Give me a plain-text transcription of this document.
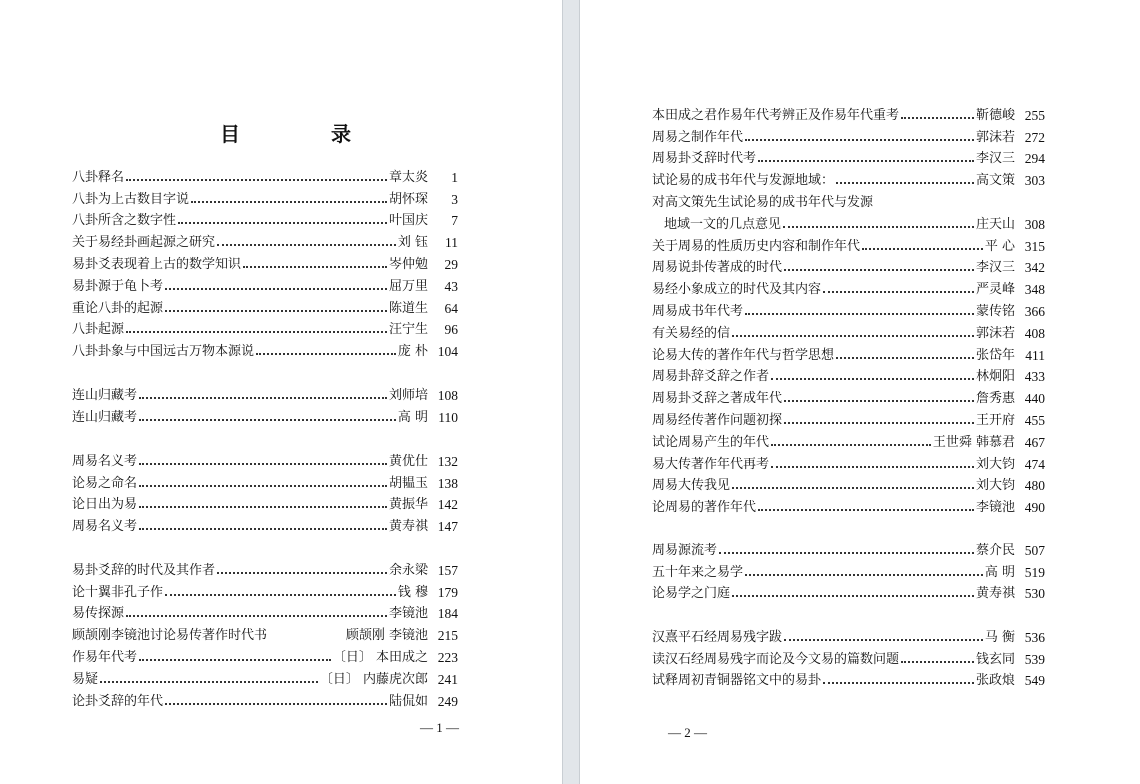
目 录
八卦释名	章太炎	1
八卦为上古数目字说	胡怀琛	3
八卦所含之数字性	叶国庆	7
关于易经卦画起源之研究	刘 钰	11
易卦爻表现着上古的数学知识	岑仲勉	29
易卦源于龟卜考	屈万里	43
重论八卦的起源	陈道生	64
八卦起源	汪宁生	96
八卦卦象与中国远古万物本源说	庞 朴 104
连山归藏考	刘师培 108
连山归藏考	高 明 110
周易名义考	黄优仕 132
论易之命名	胡韫玉 138
论日出为易	黄振华 142
周易名义考	黄寿祺 147
易卦爻辞的时代及其作者	余永梁 157
论十翼非孔子作	钱 穆 179
易传探源	李镜池 184
顾颉刚李镜池讨论易传著作时代书	顾颉刚 李镜池 215
作易年代考	〔日〕 本田成之 223
易疑	〔日〕 内藤虎次郎 241
论卦爻辞的年代	陆侃如 249
— 1 —
本田成之君作易年代考辨正及作易年代重考	靳德峻 255
周易之制作年代	郭沫若 272
周易卦爻辞时代考	李汉三 294
试论易的成书年代与发源地域：	高文策 303
对高文策先生试论易的成书年代与发源
地域一文的几点意见	庄天山 308
关于周易的性质历史内容和制作年代	平 心 315
周易说卦传著成的时代	李汉三 342
易经小象成立的时代及其内容	严灵峰 348
周易成书年代考	蒙传铭 366
有关易经的信	郭沫若 408
论易大传的著作年代与哲学思想	张岱年 411
周易卦辞爻辞之作者	林炯阳 433
周易卦爻辞之著成年代	詹秀惠 440
周易经传著作问题初探	王开府 455
试论周易产生的年代	王世舜 韩慕君 467
易大传著作年代再考	刘大钧 474
周易大传我见	刘大钧 480
论周易的著作年代	李镜池 490
周易源流考	蔡介民 507
五十年来之易学	高 明 519
论易学之门庭	黄寿祺 530
汉熹平石经周易残字跋	马 衡 536
读汉石经周易残字而论及今文易的篇数问题	钱玄同 539
试释周初青铜器铭文中的易卦	张政烺 549
— 2 —
